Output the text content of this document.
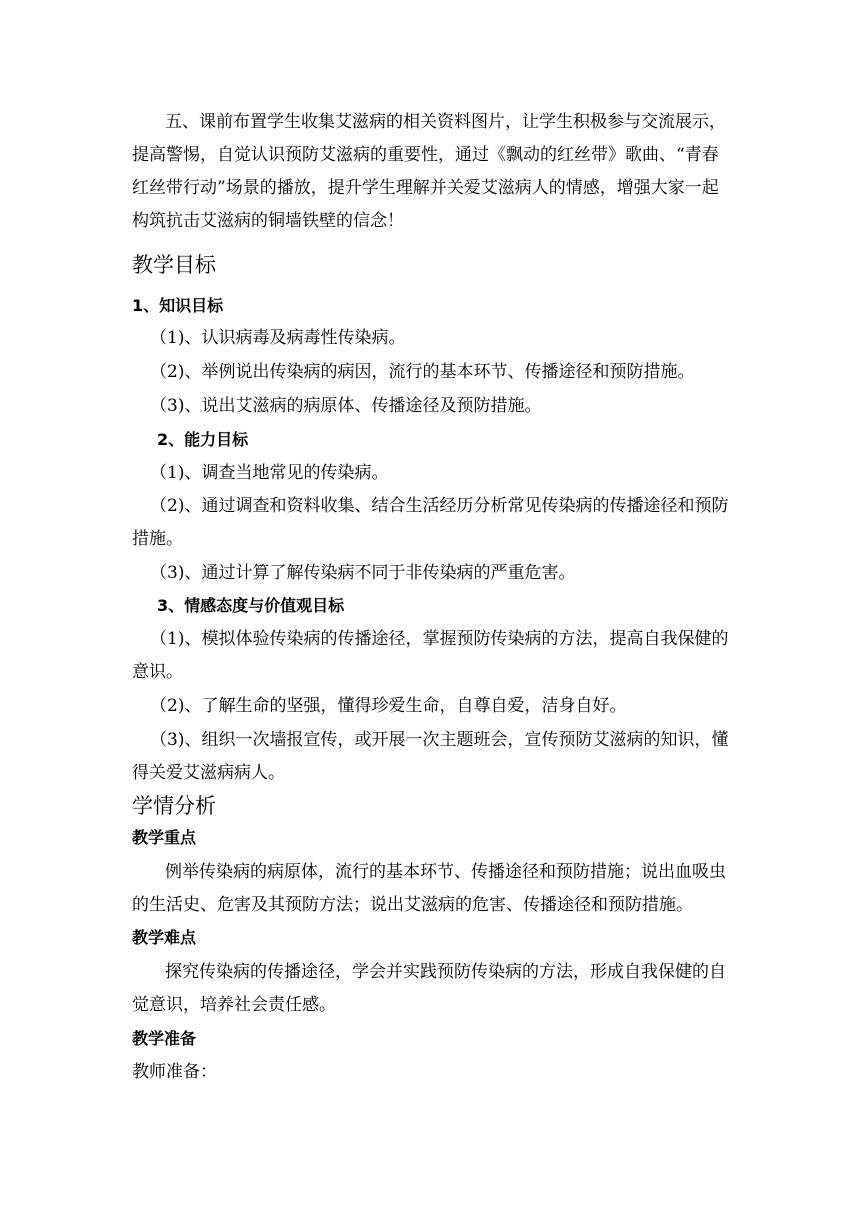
五、课前布置学生收集艾滋病的相关资料图片，让学生积极参与交流展示，
提高警惕，自觉认识预防艾滋病的重要性，通过《飘动的红丝带》歌曲、“青春
红丝带行动”场景的播放，提升学生理解并关爱艾滋病人的情感，增强大家一起
构筑抗击艾滋病的铜墙铁壁的信念！
教学目标
1、知识目标
（1)、认识病毒及病毒性传染病。
（2)、举例说出传染病的病因，流行的基本环节、传播途径和预防措施。
（3)、说出艾滋病的病原体、传播途径及预防措施。
2、能力目标
（1)、调查当地常见的传染病。
（2)、通过调查和资料收集、结合生活经历分析常见传染病的传播途径和预防
措施。
（3)、通过计算了解传染病不同于非传染病的严重危害。
3、情感态度与价值观目标
（1)、模拟体验传染病的传播途径，掌握预防传染病的方法，提高自我保健的
意识。
（2)、了解生命的坚强，懂得珍爱生命，自尊自爱，洁身自好。
（3)、组织一次墙报宣传，或开展一次主题班会，宣传预防艾滋病的知识，懂
得关爱艾滋病病人。
学情分析
教学重点
例举传染病的病原体，流行的基本环节、传播途径和预防措施；说出血吸虫
的生活史、危害及其预防方法；说出艾滋病的危害、传播途径和预防措施。
教学难点
探究传染病的传播途径，学会并实践预防传染病的方法，形成自我保健的自
觉意识，培养社会责任感。
教学准备
教师准备：
